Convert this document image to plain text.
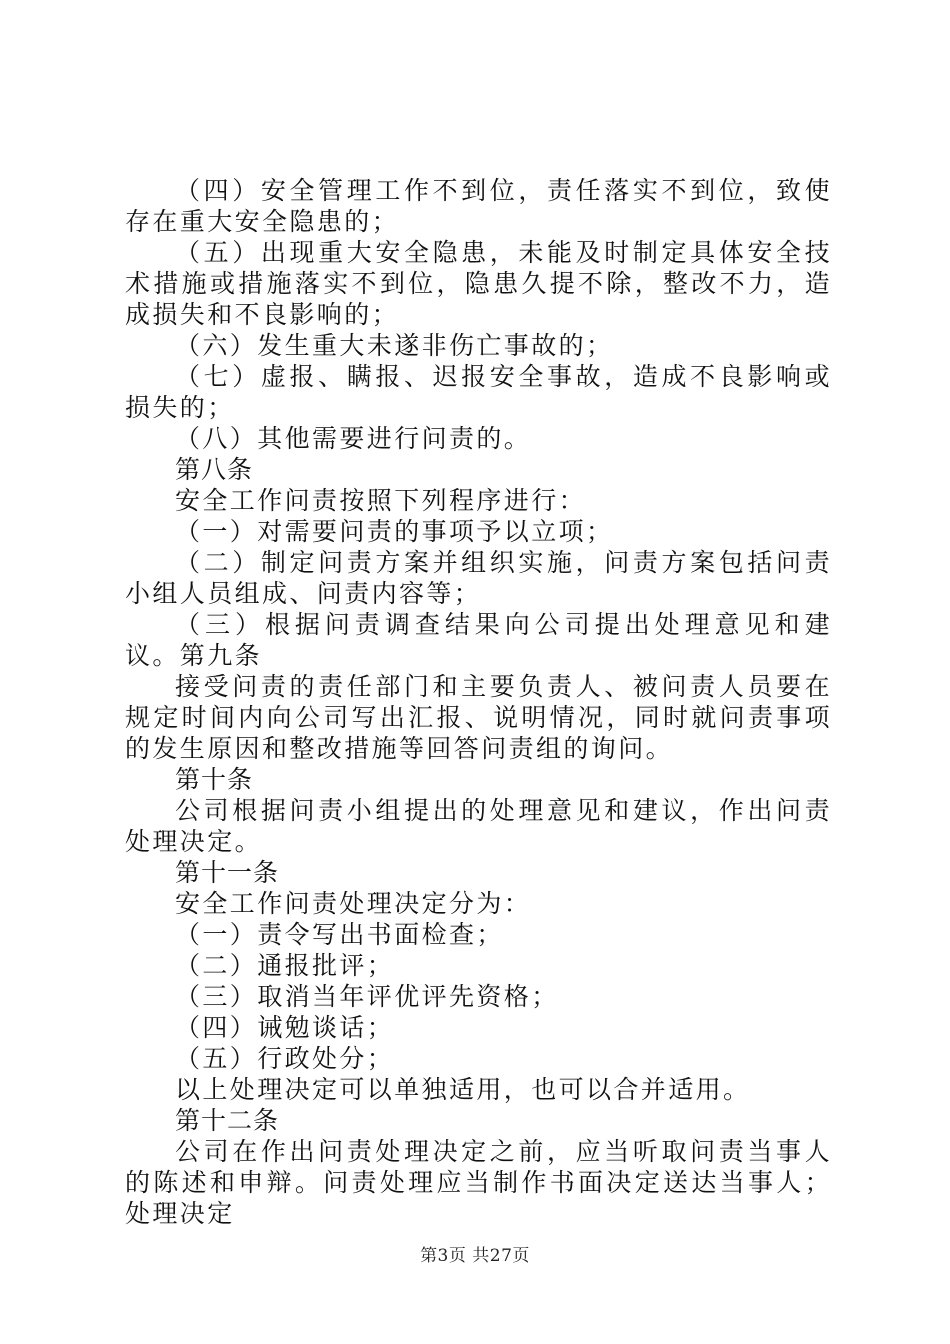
（四）安全管理工作不到位，责任落实不到位，致使存在重大安全隐患的；

（五）出现重大安全隐患，未能及时制定具体安全技术措施或措施落实不到位，隐患久提不除，整改不力，造成损失和不良影响的；

（六）发生重大未遂非伤亡事故的；

（七）虚报、瞒报、迟报安全事故，造成不良影响或损失的；

（八）其他需要进行问责的。

第八条

安全工作问责按照下列程序进行：

（一）对需要问责的事项予以立项；

（二）制定问责方案并组织实施，问责方案包括问责小组人员组成、问责内容等；

（三）根据问责调查结果向公司提出处理意见和建议。第九条

接受问责的责任部门和主要负责人、被问责人员要在规定时间内向公司写出汇报、说明情况，同时就问责事项的发生原因和整改措施等回答问责组的询问。

第十条

公司根据问责小组提出的处理意见和建议，作出问责处理决定。

第十一条

安全工作问责处理决定分为：

（一）责令写出书面检查；

（二）通报批评；

（三）取消当年评优评先资格；

（四）诫勉谈话；

（五）行政处分；

以上处理决定可以单独适用，也可以合并适用。

第十二条

公司在作出问责处理决定之前，应当听取问责当事人的陈述和申辩。问责处理应当制作书面决定送达当事人；处理决定

第3页 共27页
